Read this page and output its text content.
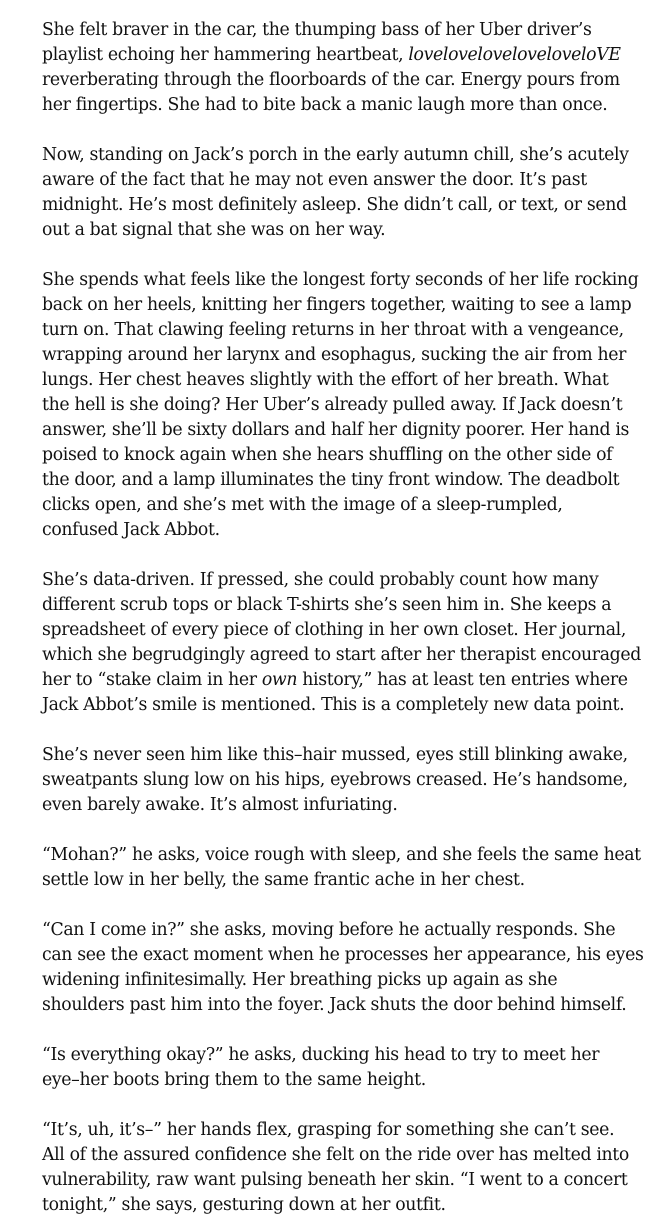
She felt braver in the car, the thumping bass of her Uber driver’s
playlist echoing her hammering heartbeat, loveloveloveloveloveloVE
reverberating through the floorboards of the car. Energy pours from
her fingertips. She had to bite back a manic laugh more than once.

Now, standing on Jack’s porch in the early autumn chill, she’s acutely
aware of the fact that he may not even answer the door. It’s past
midnight. He’s most definitely asleep. She didn’t call, or text, or send
out a bat signal that she was on her way.

She spends what feels like the longest forty seconds of her life rocking
back on her heels, knitting her fingers together, waiting to see a lamp
turn on. That clawing feeling returns in her throat with a vengeance,
wrapping around her larynx and esophagus, sucking the air from her
lungs. Her chest heaves slightly with the effort of her breath. What
the hell is she doing? Her Uber’s already pulled away. If Jack doesn’t
answer, she’ll be sixty dollars and half her dignity poorer. Her hand is
poised to knock again when she hears shuffling on the other side of
the door, and a lamp illuminates the tiny front window. The deadbolt
clicks open, and she’s met with the image of a sleep-rumpled,
confused Jack Abbot.

She’s data-driven. If pressed, she could probably count how many
different scrub tops or black T-shirts she’s seen him in. She keeps a
spreadsheet of every piece of clothing in her own closet. Her journal,
which she begrudgingly agreed to start after her therapist encouraged
her to “stake claim in her own history,” has at least ten entries where
Jack Abbot’s smile is mentioned. This is a completely new data point.

She’s never seen him like this–hair mussed, eyes still blinking awake,
sweatpants slung low on his hips, eyebrows creased. He’s handsome,
even barely awake. It’s almost infuriating.

“Mohan?” he asks, voice rough with sleep, and she feels the same heat
settle low in her belly, the same frantic ache in her chest.

“Can I come in?” she asks, moving before he actually responds. She
can see the exact moment when he processes her appearance, his eyes
widening infinitesimally. Her breathing picks up again as she
shoulders past him into the foyer. Jack shuts the door behind himself.

“Is everything okay?” he asks, ducking his head to try to meet her
eye–her boots bring them to the same height.

“It’s, uh, it’s–” her hands flex, grasping for something she can’t see.
All of the assured confidence she felt on the ride over has melted into
vulnerability, raw want pulsing beneath her skin. “I went to a concert
tonight,” she says, gesturing down at her outfit.
